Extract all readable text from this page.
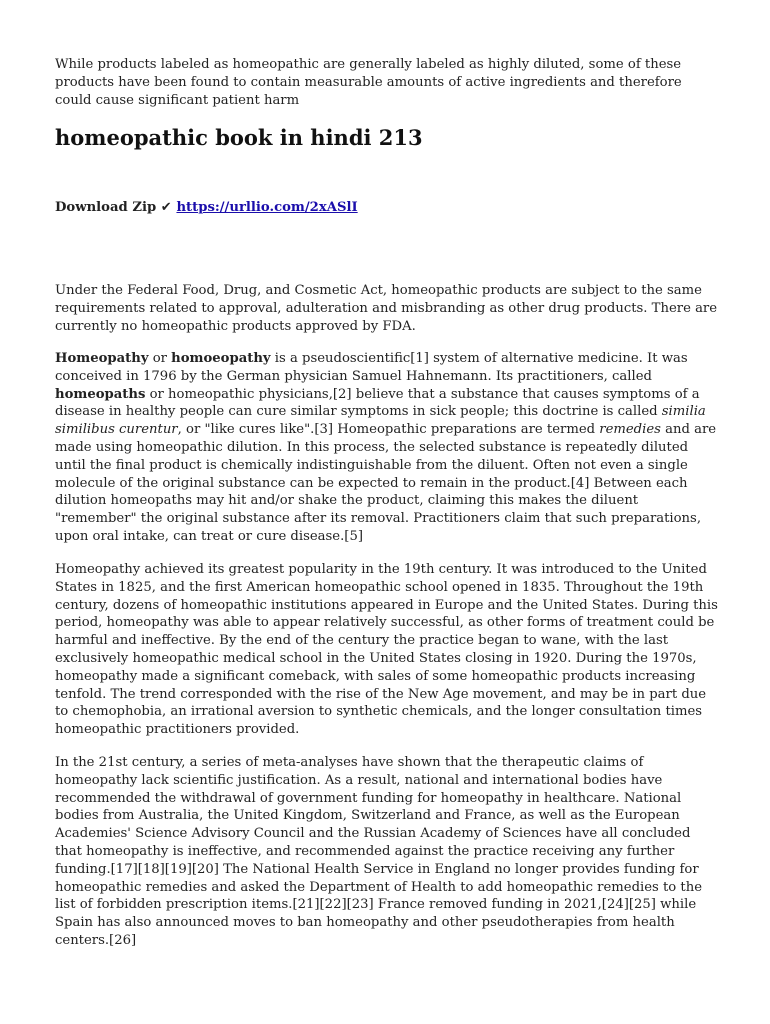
While products labeled as homeopathic are generally labeled as highly diluted, some of these products have been found to contain measurable amounts of active ingredients and therefore could cause significant patient harm

homeopathic book in hindi 213
Download Zip ✔ https://urllio.com/2xASlI

Under the Federal Food, Drug, and Cosmetic Act, homeopathic products are subject to the same requirements related to approval, adulteration and misbranding as other drug products. There are currently no homeopathic products approved by FDA.

Homeopathy or homoeopathy is a pseudoscientific[1] system of alternative medicine. It was conceived in 1796 by the German physician Samuel Hahnemann. Its practitioners, called homeopaths or homeopathic physicians,[2] believe that a substance that causes symptoms of a disease in healthy people can cure similar symptoms in sick people; this doctrine is called similia similibus curentur, or "like cures like".[3] Homeopathic preparations are termed remedies and are made using homeopathic dilution. In this process, the selected substance is repeatedly diluted until the final product is chemically indistinguishable from the diluent. Often not even a single molecule of the original substance can be expected to remain in the product.[4] Between each dilution homeopaths may hit and/or shake the product, claiming this makes the diluent "remember" the original substance after its removal. Practitioners claim that such preparations, upon oral intake, can treat or cure disease.[5]

Homeopathy achieved its greatest popularity in the 19th century. It was introduced to the United States in 1825, and the first American homeopathic school opened in 1835. Throughout the 19th century, dozens of homeopathic institutions appeared in Europe and the United States. During this period, homeopathy was able to appear relatively successful, as other forms of treatment could be harmful and ineffective. By the end of the century the practice began to wane, with the last exclusively homeopathic medical school in the United States closing in 1920. During the 1970s, homeopathy made a significant comeback, with sales of some homeopathic products increasing tenfold. The trend corresponded with the rise of the New Age movement, and may be in part due to chemophobia, an irrational aversion to synthetic chemicals, and the longer consultation times homeopathic practitioners provided.

In the 21st century, a series of meta-analyses have shown that the therapeutic claims of homeopathy lack scientific justification. As a result, national and international bodies have recommended the withdrawal of government funding for homeopathy in healthcare. National bodies from Australia, the United Kingdom, Switzerland and France, as well as the European Academies' Science Advisory Council and the Russian Academy of Sciences have all concluded that homeopathy is ineffective, and recommended against the practice receiving any further funding.[17][18][19][20] The National Health Service in England no longer provides funding for homeopathic remedies and asked the Department of Health to add homeopathic remedies to the list of forbidden prescription items.[21][22][23] France removed funding in 2021,[24][25] while Spain has also announced moves to ban homeopathy and other pseudotherapies from health centers.[26]
